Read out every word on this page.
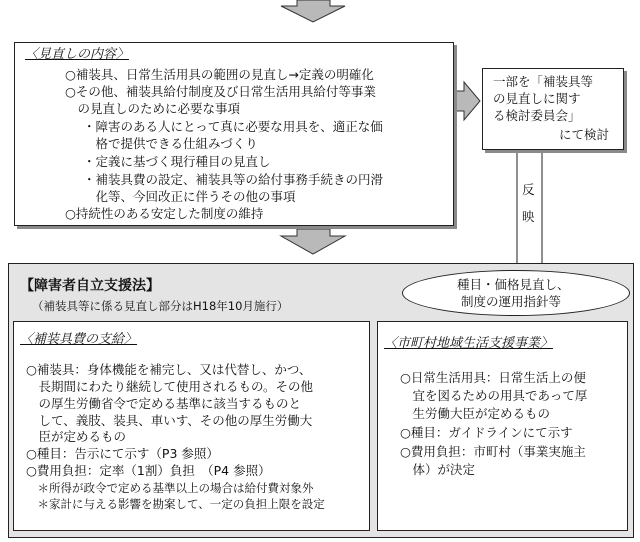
〈見直しの内容〉
○補装具、日常生活用具の範囲の見直し→定義の明確化
○その他、補装具給付制度及び日常生活用具給付等事業
　の見直しのために必要な事項
・障害のある人にとって真に必要な用具を、適正な価
　格で提供できる仕組みづくり
・定義に基づく現行種目の見直し
・補装具費の設定、補装具等の給付事務手続きの円滑
　化等、今回改正に伴うその他の事項
○持続性のある安定した制度の維持
一部を「補装具等
の見直しに関す
る検討委員会」
にて検討
反
映
【障害者自立支援法】
（補装具等に係る見直し部分はH18年10月施行）
種目・価格見直し、
制度の運用指針等
〈補装具費の支給〉
○補装具：身体機能を補完し、又は代替し、かつ、
　長期間にわたり継続して使用されるもの。その他
　の厚生労働省令で定める基準に該当するものと
　して、義肢、装具、車いす、その他の厚生労働大
　臣が定めるもの
○種目：告示にて示す（P3 参照）
○費用負担：定率（1割）負担　（P4 参照）
　＊所得が政令で定める基準以上の場合は給付費対象外
　＊家計に与える影響を勘案して、一定の負担上限を設定
〈市町村地域生活支援事業〉
○日常生活用具：日常生活上の便
　宜を図るための用具であって厚
　生労働大臣が定めるもの
○種目：ガイドラインにて示す
○費用負担：市町村（事業実施主
　体）が決定
